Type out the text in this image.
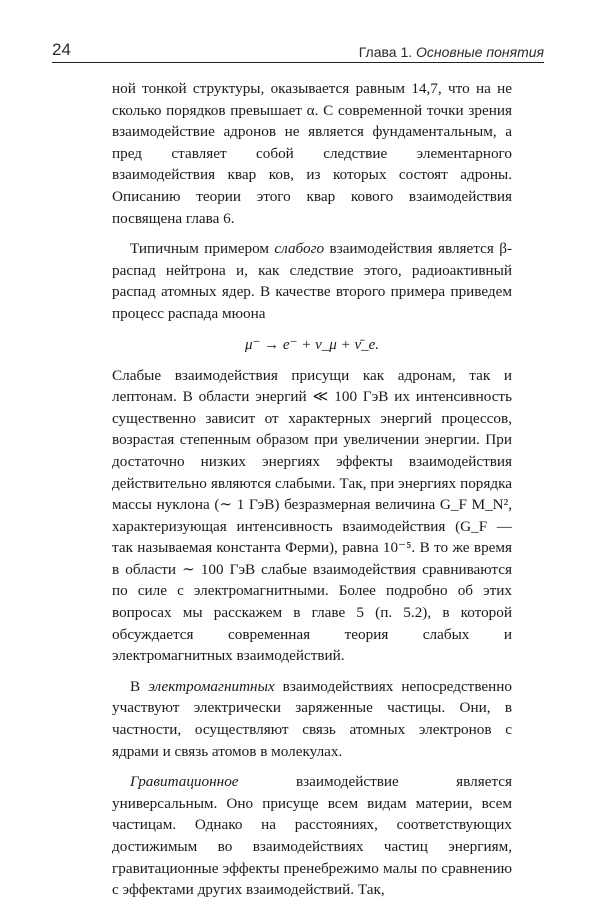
24	Глава 1. Основные понятия

ной тонкой структуры, оказывается равным 14,7, что на не сколько порядков превышает α. С современной точки зрения взаимодействие адронов не является фундаментальным, а пред ставляет собой следствие элементарного взаимодействия квар ков, из которых состоят адроны. Описанию теории этого квар кового взаимодействия посвящена глава 6.

Типичным примером слабого взаимодействия является β-распад нейтрона и, как следствие этого, радиоактивный распад атомных ядер. В качестве второго примера приведем процесс распада мюона

μ⁻ → e⁻ + ν_μ + ν̄_e.

Слабые взаимодействия присущи как адронам, так и лептонам. В области энергий ≪ 100 ГэВ их интенсивность существенно зависит от характерных энергий процессов, возрастая степенным образом при увеличении энергии. При достаточно низких энергиях эффекты взаимодействия действительно являются слабыми. Так, при энергиях порядка массы нуклона (∼ 1 ГэВ) безразмерная величина G_F M_N², характеризующая интенсивность взаимодействия (G_F — так называемая константа Ферми), равна 10⁻⁵. В то же время в области ∼ 100 ГэВ слабые взаимодействия сравниваются по силе с электромагнитными. Более подробно об этих вопросах мы расскажем в главе 5 (п. 5.2), в которой обсуждается современная теория слабых и электромагнитных взаимодействий.

В электромагнитных взаимодействиях непосредственно участвуют электрически заряженные частицы. Они, в частности, осуществляют связь атомных электронов с ядрами и связь атомов в молекулах.

Гравитационное взаимодействие является универсальным. Оно присуще всем видам материи, всем частицам. Однако на расстояниях, соответствующих достижимым во взаимодействиях частиц энергиям, гравитационные эффекты пренебрежимо малы по сравнению с эффектами других взаимодействий. Так,
